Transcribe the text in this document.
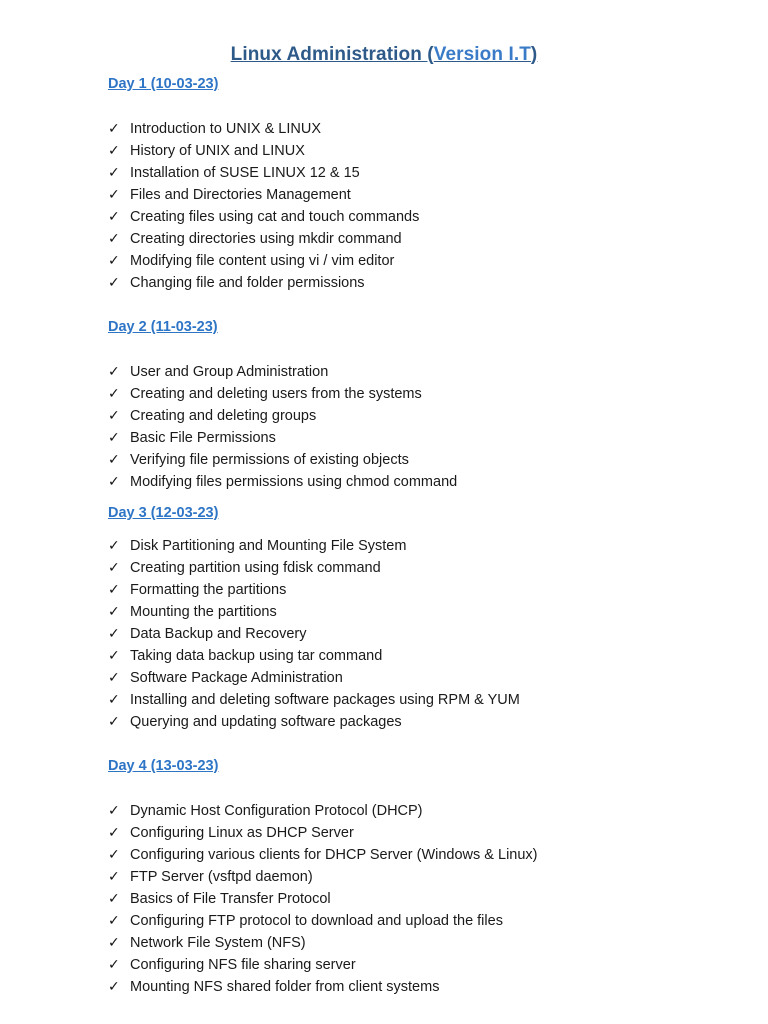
Linux Administration (Version I.T)
Day 1 (10-03-23)
✓ Introduction to UNIX & LINUX
✓ History of UNIX and LINUX
✓ Installation of SUSE LINUX 12 & 15
✓ Files and Directories Management
✓ Creating files using cat and touch commands
✓ Creating directories using mkdir command
✓ Modifying file content using vi / vim editor
✓ Changing file and folder permissions
Day 2 (11-03-23)
✓ User and Group Administration
✓ Creating and deleting users from the systems
✓ Creating and deleting groups
✓ Basic File Permissions
✓ Verifying file permissions of existing objects
✓ Modifying files permissions using chmod command
Day 3 (12-03-23)
✓ Disk Partitioning and Mounting File System
✓ Creating partition using fdisk command
✓ Formatting the partitions
✓ Mounting the partitions
✓ Data Backup and Recovery
✓ Taking data backup using tar command
✓ Software Package Administration
✓ Installing and deleting software packages using RPM & YUM
✓ Querying and updating software packages
Day 4 (13-03-23)
✓ Dynamic Host Configuration Protocol (DHCP)
✓ Configuring Linux as DHCP Server
✓ Configuring various clients for DHCP Server (Windows & Linux)
✓ FTP Server (vsftpd daemon)
✓ Basics of File Transfer Protocol
✓ Configuring FTP protocol to download and upload the files
✓ Network File System (NFS)
✓ Configuring NFS file sharing server
✓ Mounting NFS shared folder from client systems
